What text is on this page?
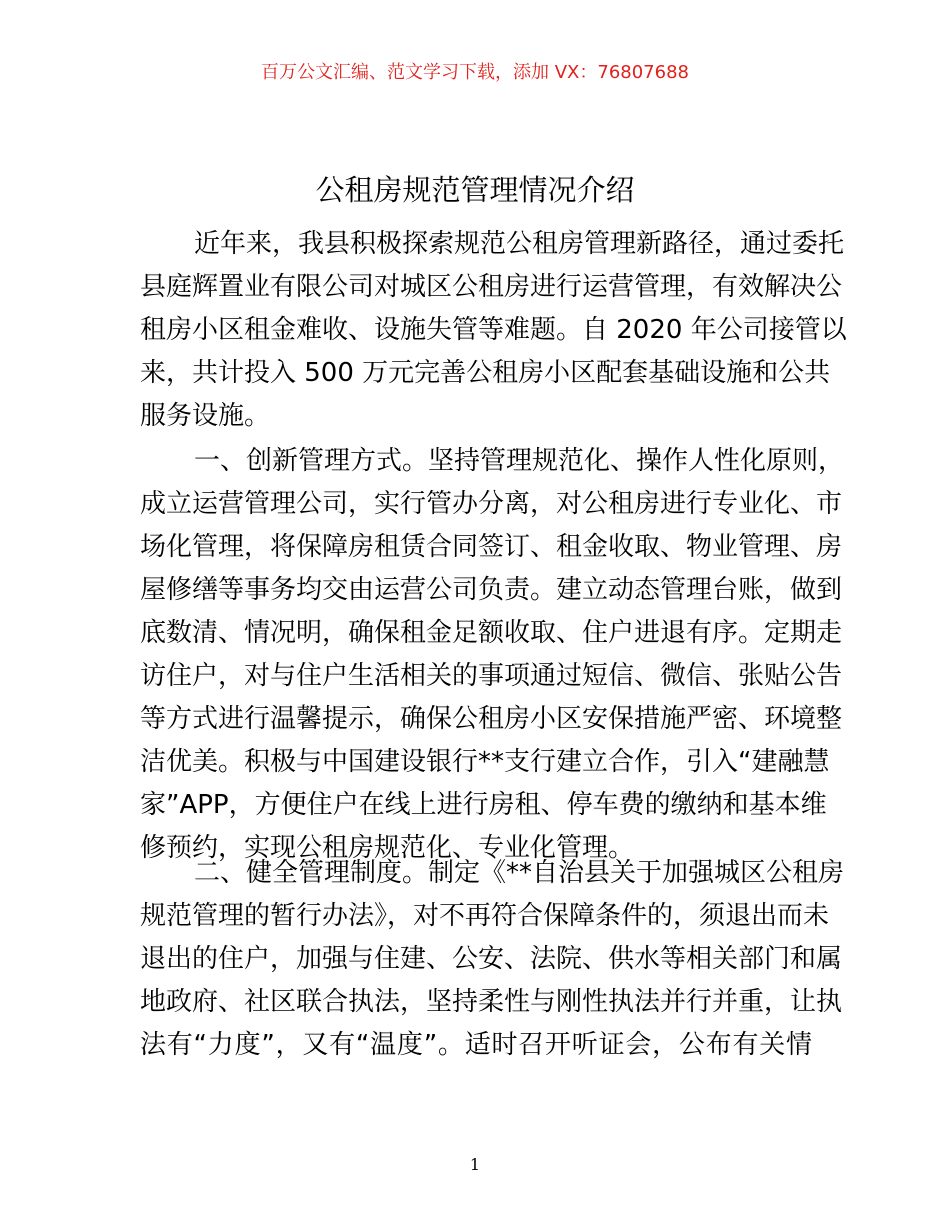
百万公文汇编、范文学习下载，添加 VX：76807688
公租房规范管理情况介绍
近年来，我县积极探索规范公租房管理新路径，通过委托
县庭辉置业有限公司对城区公租房进行运营管理，有效解决公
租房小区租金难收、设施失管等难题。自 2020 年公司接管以
来，共计投入 500 万元完善公租房小区配套基础设施和公共
服务设施。
一、创新管理方式。坚持管理规范化、操作人性化原则，
成立运营管理公司，实行管办分离，对公租房进行专业化、市
场化管理，将保障房租赁合同签订、租金收取、物业管理、房
屋修缮等事务均交由运营公司负责。建立动态管理台账，做到
底数清、情况明，确保租金足额收取、住户进退有序。定期走
访住户，对与住户生活相关的事项通过短信、微信、张贴公告
等方式进行温馨提示，确保公租房小区安保措施严密、环境整
洁优美。积极与中国建设银行**支行建立合作，引入“建融慧
家”APP，方便住户在线上进行房租、停车费的缴纳和基本维
修预约，实现公租房规范化、专业化管理。
二、健全管理制度。制定《**自治县关于加强城区公租房
规范管理的暂行办法》，对不再符合保障条件的，须退出而未
退出的住户，加强与住建、公安、法院、供水等相关部门和属
地政府、社区联合执法，坚持柔性与刚性执法并行并重，让执
法有“力度”，又有“温度”。适时召开听证会，公布有关情
1
